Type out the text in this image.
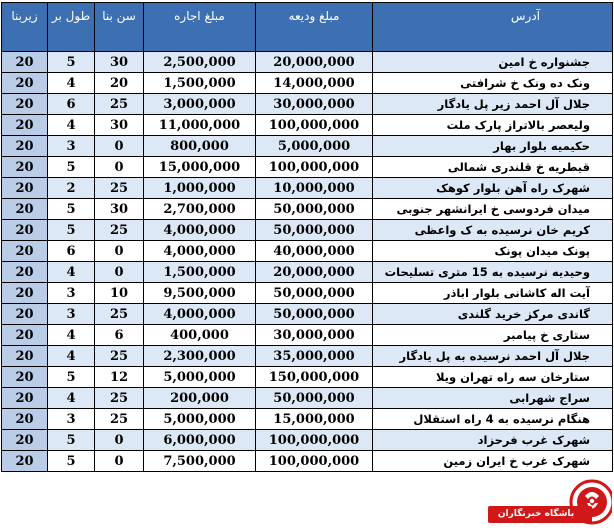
زیربنا	طول بر	سن بنا	مبلغ اجاره	مبلغ ودیعه	آدرس
20	5	30	2,500,000	20,000,000	جشنواره خ امین
20	4	20	1,500,000	14,000,000	ونک ده ونک خ شرافتی
20	6	25	3,000,000	30,000,000	جلال آل احمد زیر پل یادگار
20	4	30	11,000,000	100,000,000	ولیعصر بالاتراز پارک ملت
20	3	0	800,000	5,000,000	حکیمیه بلوار بهار
20	5	0	15,000,000	100,000,000	قیطریه خ قلندری شمالی
20	2	25	1,000,000	10,000,000	شهرک راه آهن بلوار کوهک
20	5	30	2,700,000	50,000,000	میدان فردوسی خ ایرانشهر جنوبی
20	5	25	4,000,000	50,000,000	کریم خان نرسیده به ک واعظی
20	6	0	4,000,000	40,000,000	پونک میدان پونک
20	4	0	1,500,000	20,000,000	وحیدیه نرسیده به 15 متری تسلیحات
20	3	10	9,500,000	50,000,000	آیت اله کاشانی بلوار اباذر
20	3	25	4,000,000	50,000,000	گاندی مرکز خرید گلندی
20	4	6	400,000	30,000,000	ستاری خ پیامبر
20	4	25	2,300,000	35,000,000	جلال آل احمد نرسیده به پل یادگار
20	5	12	5,000,000	150,000,000	ستارخان سه راه تهران ویلا
20	4	25	200,000	50,000,000	سراج شهرابی
20	3	25	5,000,000	15,000,000	هنگام نرسیده به 4 راه استقلال
20	5	0	6,000,000	100,000,000	شهرک غرب فرحزاد
20	5	0	7,500,000	100,000,000	شهرک غرب خ ایران زمین
باشگاه خبرنگاران
